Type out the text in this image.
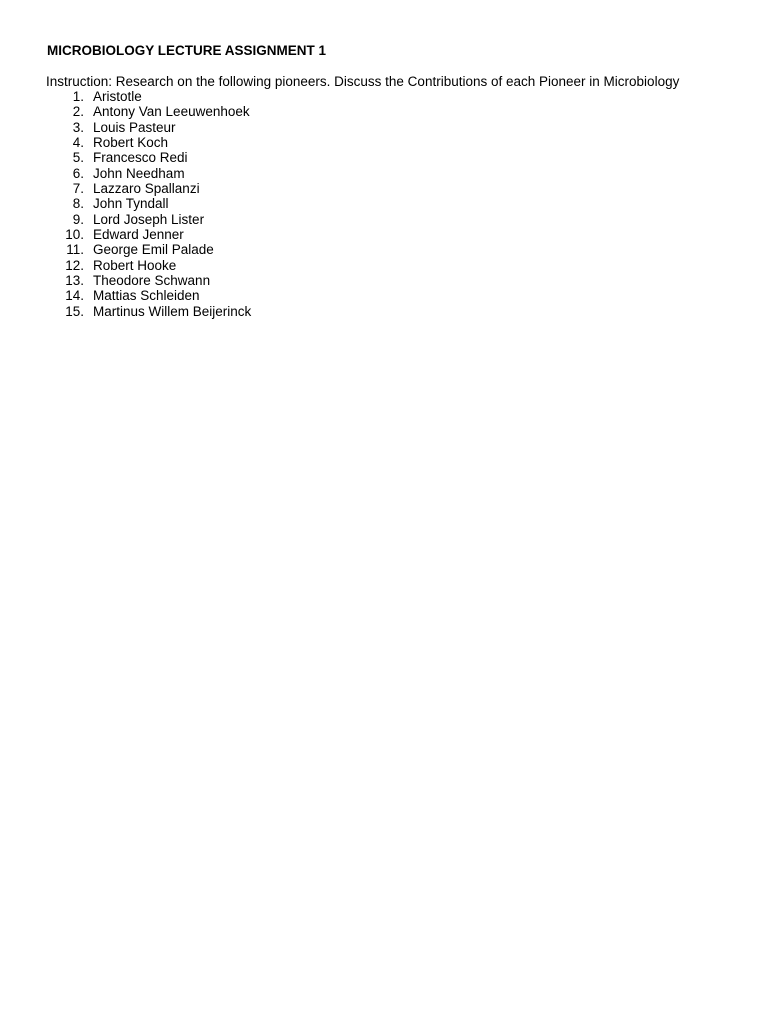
MICROBIOLOGY LECTURE ASSIGNMENT 1
Instruction: Research on the following pioneers. Discuss the Contributions of each Pioneer in Microbiology
1. Aristotle
2. Antony Van Leeuwenhoek
3. Louis Pasteur
4. Robert Koch
5. Francesco Redi
6. John Needham
7. Lazzaro Spallanzi
8. John Tyndall
9. Lord Joseph Lister
10. Edward Jenner
11. George Emil Palade
12. Robert Hooke
13. Theodore Schwann
14. Mattias Schleiden
15. Martinus Willem Beijerinck
